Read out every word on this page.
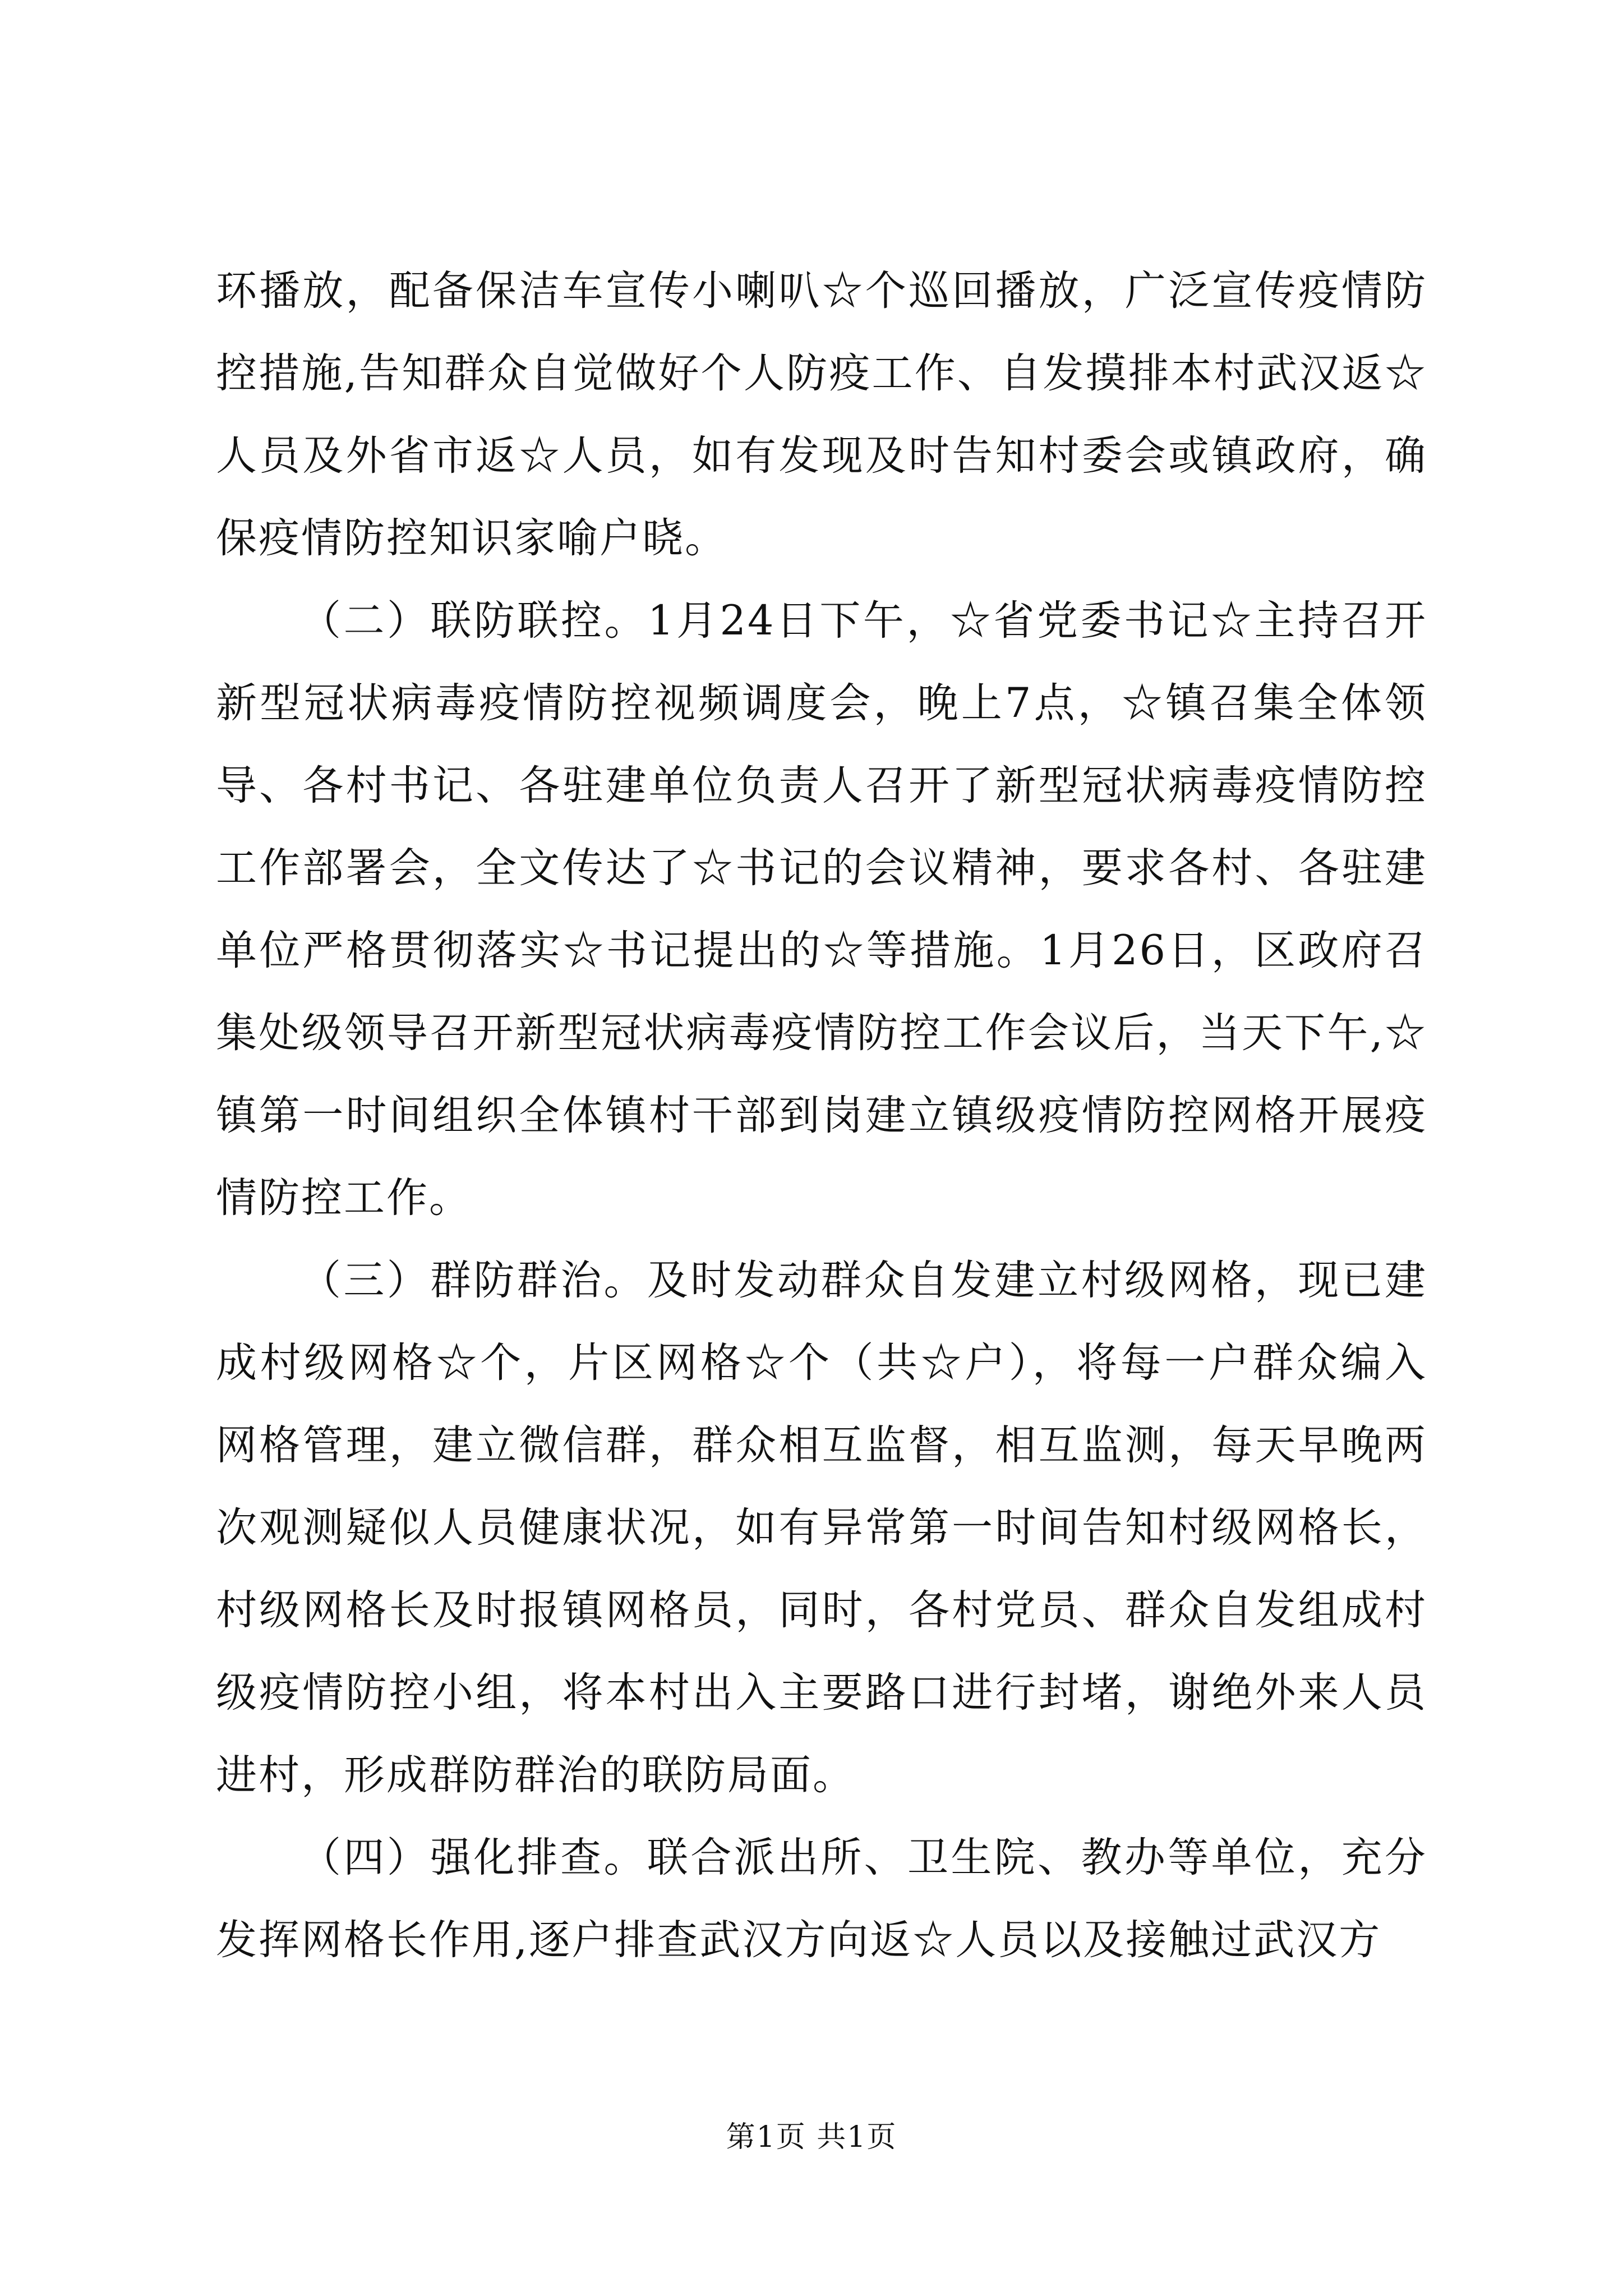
环播放，配备保洁车宣传小喇叭☆个巡回播放，广泛宣传疫情防控措施,告知群众自觉做好个人防疫工作、自发摸排本村武汉返☆人员及外省市返☆人员，如有发现及时告知村委会或镇政府，确保疫情防控知识家喻户晓。

（二）联防联控。1月24日下午，☆省党委书记☆主持召开新型冠状病毒疫情防控视频调度会，晚上7点，☆镇召集全体领导、各村书记、各驻建单位负责人召开了新型冠状病毒疫情防控工作部署会，全文传达了☆书记的会议精神，要求各村、各驻建单位严格贯彻落实☆书记提出的☆等措施。1月26日，区政府召集处级领导召开新型冠状病毒疫情防控工作会议后，当天下午,☆镇第一时间组织全体镇村干部到岗建立镇级疫情防控网格开展疫情防控工作。

（三）群防群治。及时发动群众自发建立村级网格，现已建成村级网格☆个，片区网格☆个（共☆户），将每一户群众编入网格管理，建立微信群，群众相互监督，相互监测，每天早晚两次观测疑似人员健康状况，如有异常第一时间告知村级网格长，村级网格长及时报镇网格员，同时，各村党员、群众自发组成村级疫情防控小组，将本村出入主要路口进行封堵，谢绝外来人员进村，形成群防群治的联防局面。

（四）强化排查。联合派出所、卫生院、教办等单位，充分发挥网格长作用,逐户排查武汉方向返☆人员以及接触过武汉方

第1页 共1页
